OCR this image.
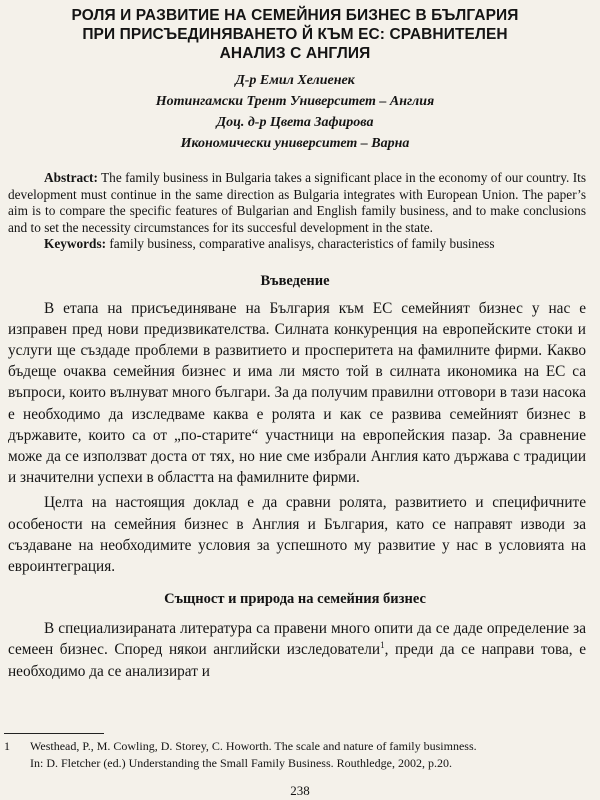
РОЛЯ И РАЗВИТИЕ НА СЕМЕЙНИЯ БИЗНЕС В БЪЛГАРИЯ

ПРИ ПРИСЪЕДИНЯВАНЕТО Й КЪМ ЕС: СРАВНИТЕЛЕН

АНАЛИЗ С АНГЛИЯ

Д-р Емил Хелиенек
Нотингамски Трент Университет – Англия
Доц. д-р Цвета Зафирова
Икономически университет – Варна

Abstract: The family business in Bulgaria takes a significant place in the economy of our country. Its development must continue in the same direction as Bulgaria integrates with European Union. The paper’s aim is to compare the specific features of Bulgarian and English family business, and to make conclusions and to set the necessity circumstances for its succesful development in the state.

Keywords: family business, comparative analisys, characteristics of family business

Въведение

В етапа на присъединяване на България към ЕС семейният бизнес у нас е изправен пред нови предизвикателства. Силната конкуренция на европейските стоки и услуги ще създаде проблеми в развитието и просперитета на фамилните фирми. Какво бъдеще очаква семейния бизнес и има ли място той в силната икономика на ЕС са въпроси, които вълнуват много българи. За да получим правилни отговори в тази насока е необходимо да изследваме каква е ролята и как се развива семейният бизнес в държавите, които са от „по-старите“ участници на европейския пазар. За сравнение може да се използват доста от тях, но ние сме избрали Англия като държава с традиции и значителни успехи в областта на фамилните фирми.

Целта на настоящия доклад е да сравни ролята, развитието и специфичните особености на семейния бизнес в Англия и България, като се направят изводи за създаване на необходимите условия за успешното му развитие у нас в условията на евроинтеграция.

Същност и природа на семейния бизнес

В специализираната литература са правени много опити да се даде определение за семеен бизнес. Според някои английски изследователи$^1$, преди да се направи това, е необходимо да се анализират и

1 Westhead, P., M. Cowling, D. Storey, C. Howorth. The scale and nature of family busimness.
In: D. Fletcher (ed.) Understanding the Small Family Business. Routhledge, 2002, p.20.
238
